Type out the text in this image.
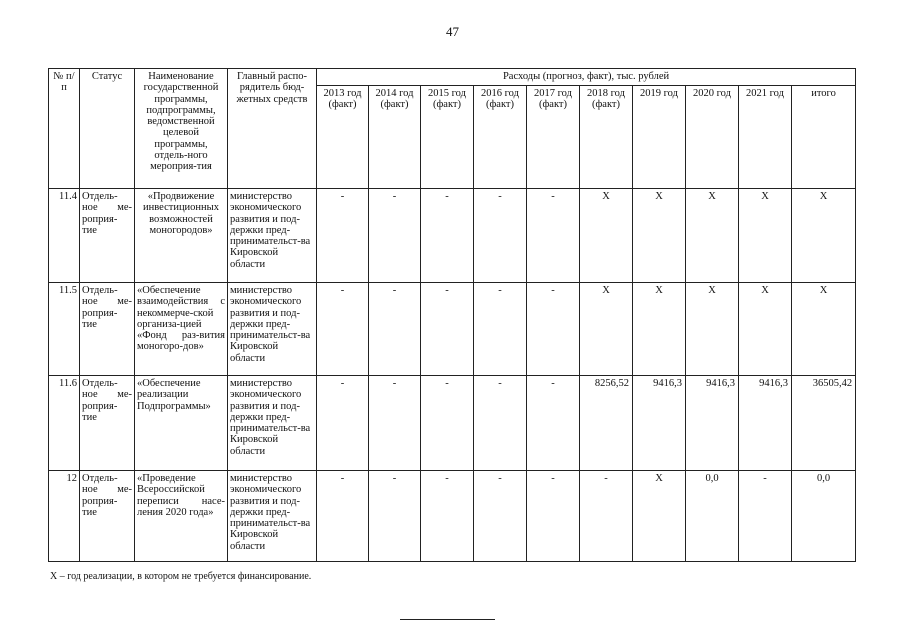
47
№ п/п	Статус	Наименование государственной программы, подпрограммы, ведомственной целевой программы, отдель-ного мероприя-тия	Главный распо-рядитель бюд-жетных средств	Расходы (прогноз, факт), тыс. рублей									
				2013 год (факт)	2014 год (факт)	2015 год (факт)	2016 год (факт)	2017 год (факт)	2018 год (факт)	2019 год	2020 год	2021 год	итого
11.4	Отдель-ное ме-роприя-тие	«Продвижение инвестиционных возможностей моногородов»	министерство экономического развития и под-держки пред-принимательст-ва Кировской области	-	-	-	-	-	X	X	X	X	X
11.5	Отдель-ное ме-роприя-тие	«Обеспечение взаимодействия с некоммерче-ской организа-цией «Фонд раз-вития моногоро-дов»	министерство экономического развития и под-держки пред-принимательст-ва Кировской области	-	-	-	-	-	X	X	X	X	X
11.6	Отдель-ное ме-роприя-тие	«Обеспечение реализации Подпрограммы»	министерство экономического развития и под-держки пред-принимательст-ва Кировской области	-	-	-	-	-	8256,52	9416,3	9416,3	9416,3	36505,42
12	Отдель-ное ме-роприя-тие	«Проведение Всероссийской переписи насе-ления 2020 года»	министерство экономического развития и под-держки пред-принимательст-ва Кировской области	-	-	-	-	-	-	X	0,0	-	0,0
X – год реализации, в котором не требуется финансирование.
